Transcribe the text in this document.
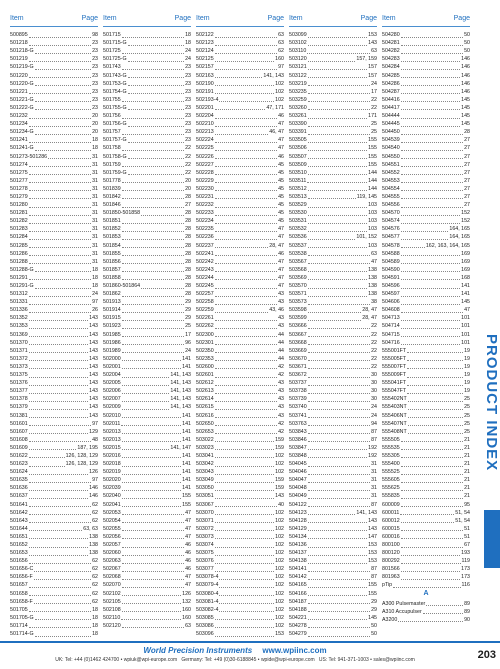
Item	Page
500895	98
501218	23
501218-G	23
501219	23
501219-G	23
501220	23
501220-G	23
501221	23
501221-G	23
501222-G	23
501232	20
501234	20
501234-G	20
501241	18
501241-G	18
501273-501286	31
501274	31
501275	31
501277	31
501278	31
501279	31
501280	31
501281	31
501282	31
501283	31
501284	31
501285	31
501286	31
501288	31
501288-G	18
501291	18
501291-G	18
501312	24
501331	97
501336	26
501352	143
501353	143
501369	143
501370	143
501371	143
501372	143
501373	143
501375	143
501376	143
501377	143
501378	143
501379	143
501381	143
501601	97
501607	129
501608	48
501609	187, 195
501622	126, 128, 129
501623	126, 128, 129
501624	126
501635	97
501636	146
501637	146
501641	62
501642	62
501643	62
501644	63, 63
501651	138
501652	138
501653	138
501656	62
501656-C	62
501656-F	62
501657	62
501658	62
501658-F	62
501705	18
501705-G	18
501714	18
501714-G	18
Item	Page
501715	18
501715-G	18
501725	24
501725-G	24
501743	23
501743-G	23
501753-G	23
501754-G	23
501755	23
501755-G	23
501756	23
501756-G	23
501757	23
501757-G	23
501758	22
501758-G	22
501759	22
501759-G	22
501778	20
501839	20
501842	28
501846	27
501850-501858	28
501851	28
501852	28
501853	28
501854	28
501855	28
501856	28
501857	28
501858	28
501860-501864	28
501862	28
501913	29
501914	29
501915	29
501923	25
501985	17
501986	96
501989	24
502000	141
502001	141
502004	141, 143
502005	141, 143
502006	141, 143
502007	141, 143
502009	141, 143
502010	141
502011	141
502013	141
502013	141
502015	141, 147
502016	141
502018	141
502019	141
502020	141
502039	141
502040	155
502041	155
502053	47
502054	47
502055	47
502056	47
502057	46
502060	46
502063	46
502067	46
502068	47
502070	47
502102	126
502105	132
502108	160
502110	160
502120	63
Item	Page
502122	63
502123	63
502124	62
502125	160
502157	97
502163	141, 143
502190	102
502191	102
502193-4	102
502201	47, 171
502204	46
502210	47
502213	46, 47
502224	47
502225	47
502226	46
502227	45
502228	45
502229	45
502230	45
502231	45
502232	45
502233	45
502234	45
502235	47
502236	47
502237	28, 47
502241	46
502242	47
502243	47
502244	47
502245	47
502257	43
502258	43
502259	43, 46
502261	43
502262	43
502300	44
502301	44
502350	44
502353	44
502600	42
502601	42
502612	43
502613	43
502614	43
502615	43
502616	43
502650	42
502653	42
503022	159
503023	159
503041	102
503042	102
503043	102
503049	159
503050	159
503051	143
503067	40
503070	102
503071	102
503072	102
503073	102
503074	102
503075	102
503076	102
503077	102
503078-4	102
503079-4	102
503080-4	102
503081-4	102
503082-4	102
503085	102
503086	102
503096	153
Item	Page
503099	153
503102	143
503110	63
503120	157, 159
503121	157
503122	157
503219	24
503235	17
503259	22
503260	22
503261	171
503390	25
503391	25
503505	155
503506	155
503507	155
503509	155
503510	144
503511	144
503512	144
503513	119, 145
503529	103
503530	103
503531	103
503532	103
503536	101, 152
503537	103
503538	63
503567	47
503568	138
503569	138
503570	138
503571	138
503573	38
503598	28, 47
503599	28, 47
503666	22
503667	22
503668	22
503669	22
503670	22
503671	22
503672	30
503737	30
503738	30
503739	30
503740	24
503741	24
503763	94
503843	87
503846	87
503847	192
503848	192
504045	31
504046	31
504047	31
504048	31
504049	31
504122	87
504123	141, 143
504128	143
504129	143
504134	147
504136	153
504137	153
504138	153
504141	87
504142	87
504165	155
504166	155
504187	29
504188	29
504221	145
504278	50
504279	50
Item	Page
504280	50
504281	50
504282	50
504283	146
504284	146
504285	146
504286	146
504287	146
504416	145
504417	145
504444	145
504445	145
504450	28
504539	27
504540	27
504550	27
504551	27
504552	27
504553	27
504554	27
504555	27
504556	27
504570	152
504574	152
504576	164, 165
504577	164, 165
504578	162, 163, 164, 165
504588	169
504589	169
504590	169
504591	168
504596	141
504597	141
504606	145
504608	47
504713	101
504714	101
504715	101
504716	101
555001FT	19
555005FT	19
555007FT	19
555009FT	19
555041FT	19
555047FT	19
555402NT	25
555403NT	25
555406NT	25
555407NT	25
555408NT	25
555505	21
555535	21
555305	21
555400	21
555525	21
555605	21
555625	21
555835	21
600009	95
600011	51, 54
600012	51, 54
600015	51
600016	51
800100	67
800120	193
800292	119
801566	173
801963	173
pTip	116
A
A300 Pulsemaster	89
A310 Accupulser	89
A3200	90
PRODUCT INDEX
World Precision Instruments www.wpiinc.com
UK: Tel: +44 (0)1462 424700 • wpiuk@wpi-europe.com Germany: Tel: +49 (0)30-6188845 • wpide@wpi-europe.com US: Tel: 941-371-1003 • sales@wpiinc.com	203
